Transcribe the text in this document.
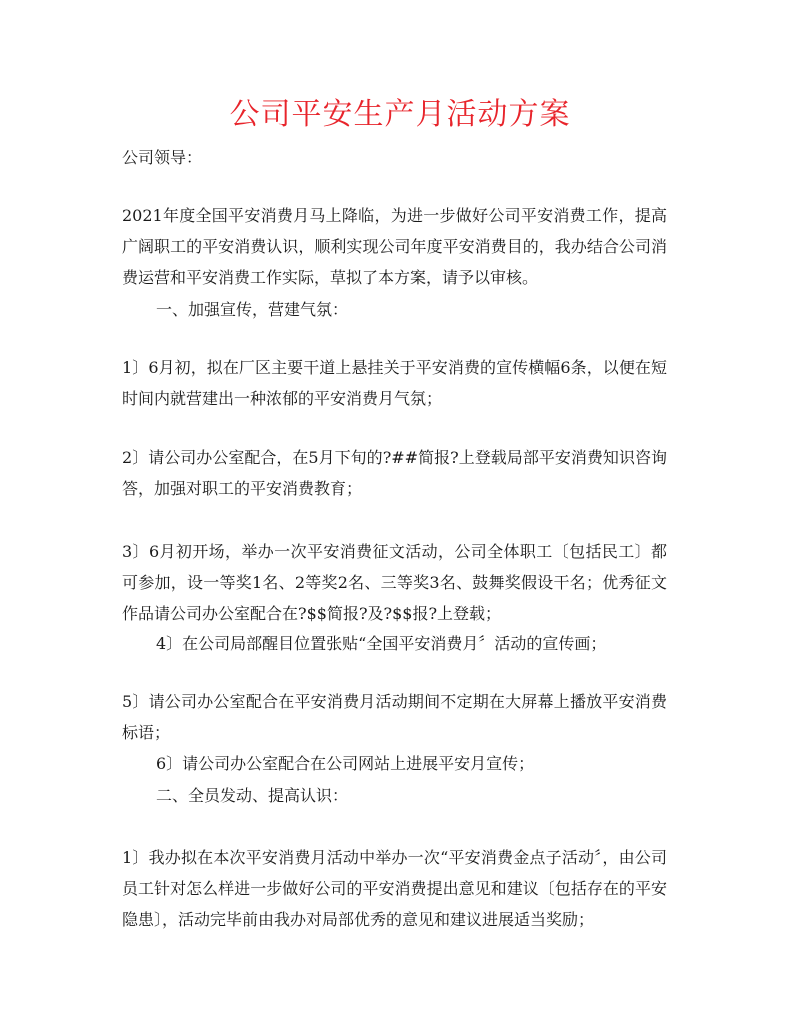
公司平安生产月活动方案

公司领导：

2021年度全国平安消费月马上降临，为进一步做好公司平安消费工作，提高广阔职工的平安消费认识，顺利实现公司年度平安消费目的，我办结合公司消费运营和平安消费工作实际，草拟了本方案，请予以审核。

一、加强宣传，营建气氛：

1〕6月初，拟在厂区主要干道上悬挂关于平安消费的宣传横幅6条，以便在短时间内就营建出一种浓郁的平安消费月气氛；

2〕请公司办公室配合，在5月下旬的?##简报?上登载局部平安消费知识咨询答，加强对职工的平安消费教育；

3〕6月初开场，举办一次平安消费征文活动，公司全体职工〔包括民工〕都可参加，设一等奖1名、2等奖2名、三等奖3名、鼓舞奖假设干名；优秀征文作品请公司办公室配合在?$$简报?及?$$报?上登载；

4〕在公司局部醒目位置张贴“全国平安消费月〞活动的宣传画；

5〕请公司办公室配合在平安消费月活动期间不定期在大屏幕上播放平安消费标语；

6〕请公司办公室配合在公司网站上进展平安月宣传；

二、全员发动、提高认识：

1〕我办拟在本次平安消费月活动中举办一次“平安消费金点子活动〞，由公司员工针对怎么样进一步做好公司的平安消费提出意见和建议〔包括存在的平安隐患〕，活动完毕前由我办对局部优秀的意见和建议进展适当奖励；
